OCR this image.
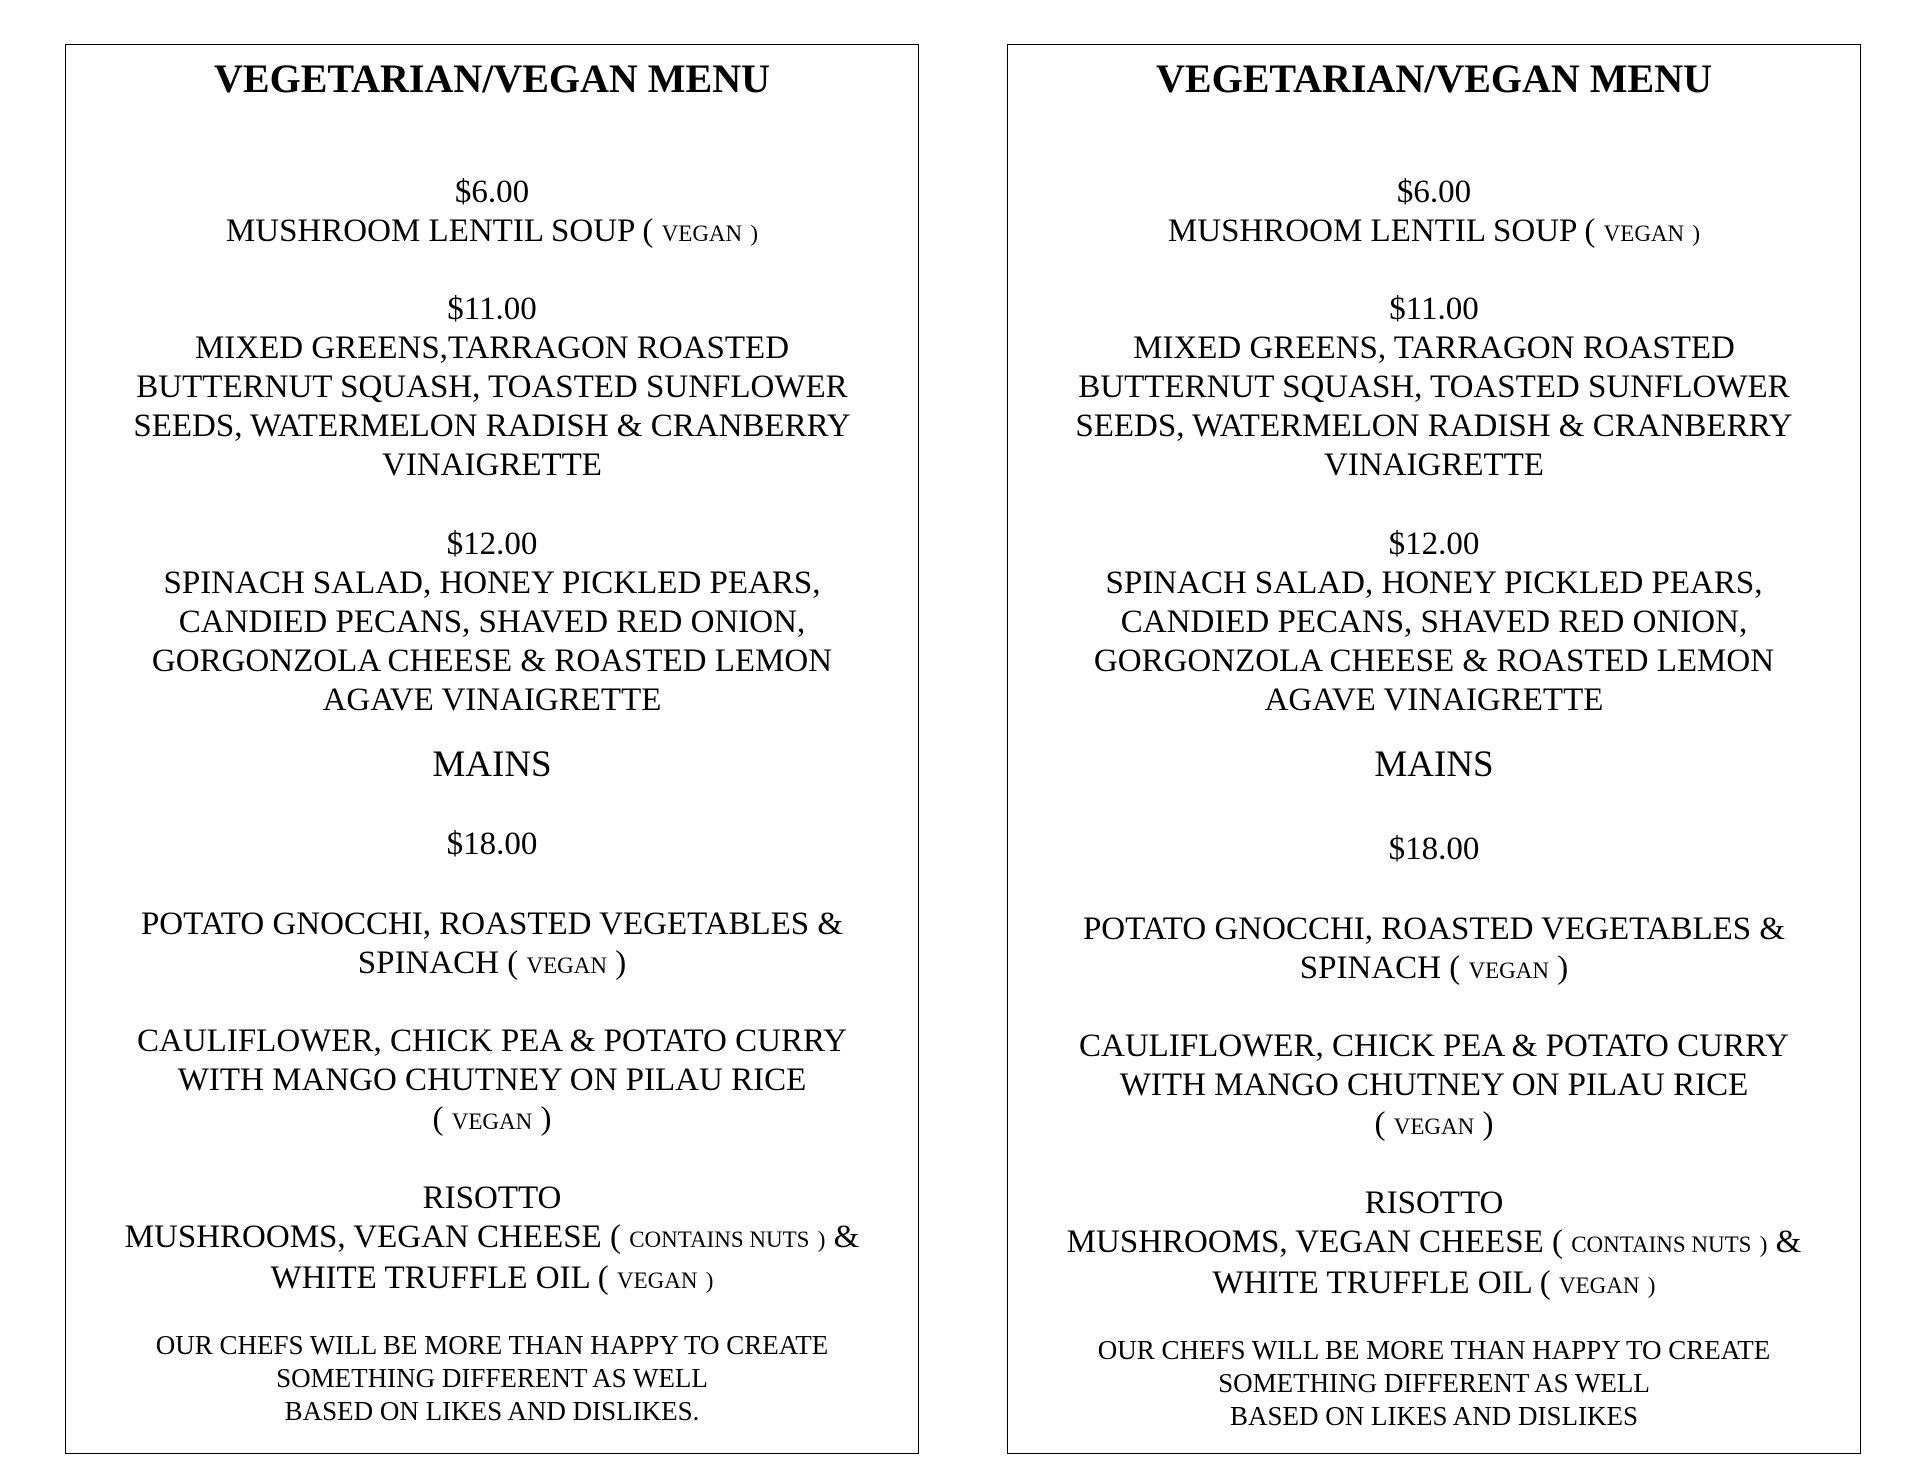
VEGETARIAN/VEGAN MENU
$6.00
MUSHROOM LENTIL SOUP ( VEGAN )
$11.00
MIXED GREENS,TARRAGON ROASTED
BUTTERNUT SQUASH, TOASTED SUNFLOWER
SEEDS, WATERMELON RADISH & CRANBERRY
VINAIGRETTE
$12.00
SPINACH SALAD, HONEY PICKLED PEARS,
CANDIED PECANS, SHAVED RED ONION,
GORGONZOLA CHEESE & ROASTED LEMON
AGAVE VINAIGRETTE
MAINS
$18.00
POTATO GNOCCHI, ROASTED VEGETABLES &
SPINACH ( VEGAN )
CAULIFLOWER, CHICK PEA & POTATO CURRY
WITH MANGO CHUTNEY ON PILAU RICE
( VEGAN )
RISOTTO
MUSHROOMS, VEGAN CHEESE ( CONTAINS NUTS ) &
WHITE TRUFFLE OIL ( VEGAN )
OUR CHEFS WILL BE MORE THAN HAPPY TO CREATE
SOMETHING DIFFERENT AS WELL
BASED ON LIKES AND DISLIKES.
VEGETARIAN/VEGAN MENU
$6.00
MUSHROOM LENTIL SOUP ( VEGAN )
$11.00
MIXED GREENS, TARRAGON ROASTED
BUTTERNUT SQUASH, TOASTED SUNFLOWER
SEEDS, WATERMELON RADISH & CRANBERRY
VINAIGRETTE
$12.00
SPINACH SALAD, HONEY PICKLED PEARS,
CANDIED PECANS, SHAVED RED ONION,
GORGONZOLA CHEESE & ROASTED LEMON
AGAVE VINAIGRETTE
MAINS
$18.00
POTATO GNOCCHI, ROASTED VEGETABLES &
SPINACH ( VEGAN )
CAULIFLOWER, CHICK PEA & POTATO CURRY
WITH MANGO CHUTNEY ON PILAU RICE
( VEGAN )
RISOTTO
MUSHROOMS, VEGAN CHEESE ( CONTAINS NUTS ) &
WHITE TRUFFLE OIL ( VEGAN )
OUR CHEFS WILL BE MORE THAN HAPPY TO CREATE
SOMETHING DIFFERENT AS WELL
BASED ON LIKES AND DISLIKES
